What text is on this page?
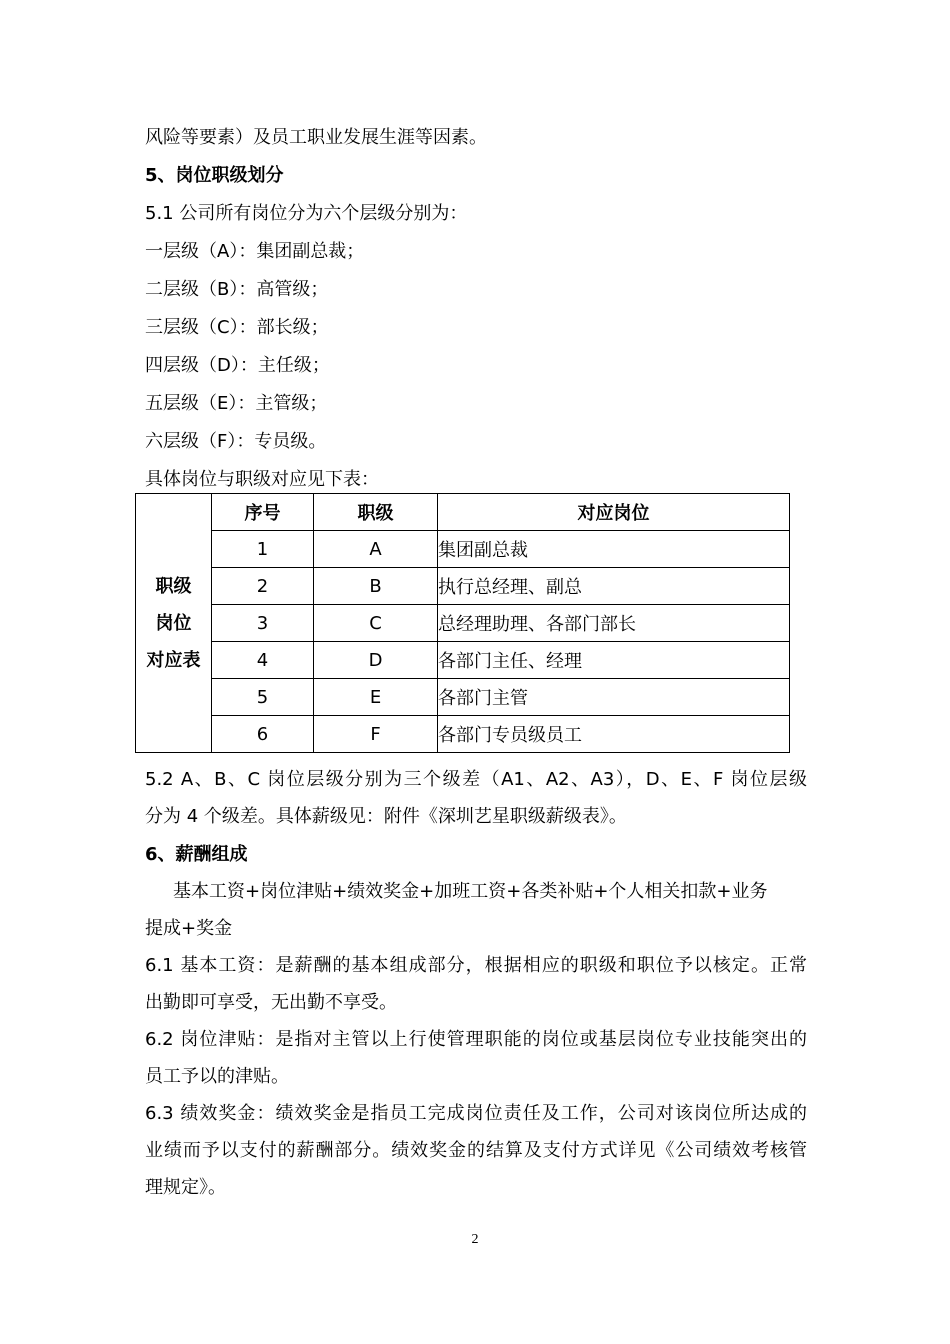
风险等要素）及员工职业发展生涯等因素。
5、岗位职级划分
5.1 公司所有岗位分为六个层级分别为：
一层级（A）：集团副总裁；
二层级（B）：高管级；
三层级（C）：部长级；
四层级（D）：主任级；
五层级（E）：主管级；
六层级（F）：专员级。
具体岗位与职级对应见下表：
职级
岗位
对应表	序号	职级	对应岗位
	1	A	集团副总裁
	2	B	执行总经理、副总
	3	C	总经理助理、各部门部长
	4	D	各部门主任、经理
	5	E	各部门主管
	6	F	各部门专员级员工
5.2 A、B、C 岗位层级分别为三个级差（A1、A2、A3），D、E、F 岗位层级
分为 4 个级差。具体薪级见：附件《深圳艺星职级薪级表》。
6、薪酬组成
基本工资+岗位津贴+绩效奖金+加班工资+各类补贴+个人相关扣款+业务
提成+奖金
6.1 基本工资：是薪酬的基本组成部分，根据相应的职级和职位予以核定。正常
出勤即可享受，无出勤不享受。
6.2 岗位津贴：是指对主管以上行使管理职能的岗位或基层岗位专业技能突出的
员工予以的津贴。
6.3 绩效奖金：绩效奖金是指员工完成岗位责任及工作，公司对该岗位所达成的
业绩而予以支付的薪酬部分。绩效奖金的结算及支付方式详见《公司绩效考核管
理规定》。
2
